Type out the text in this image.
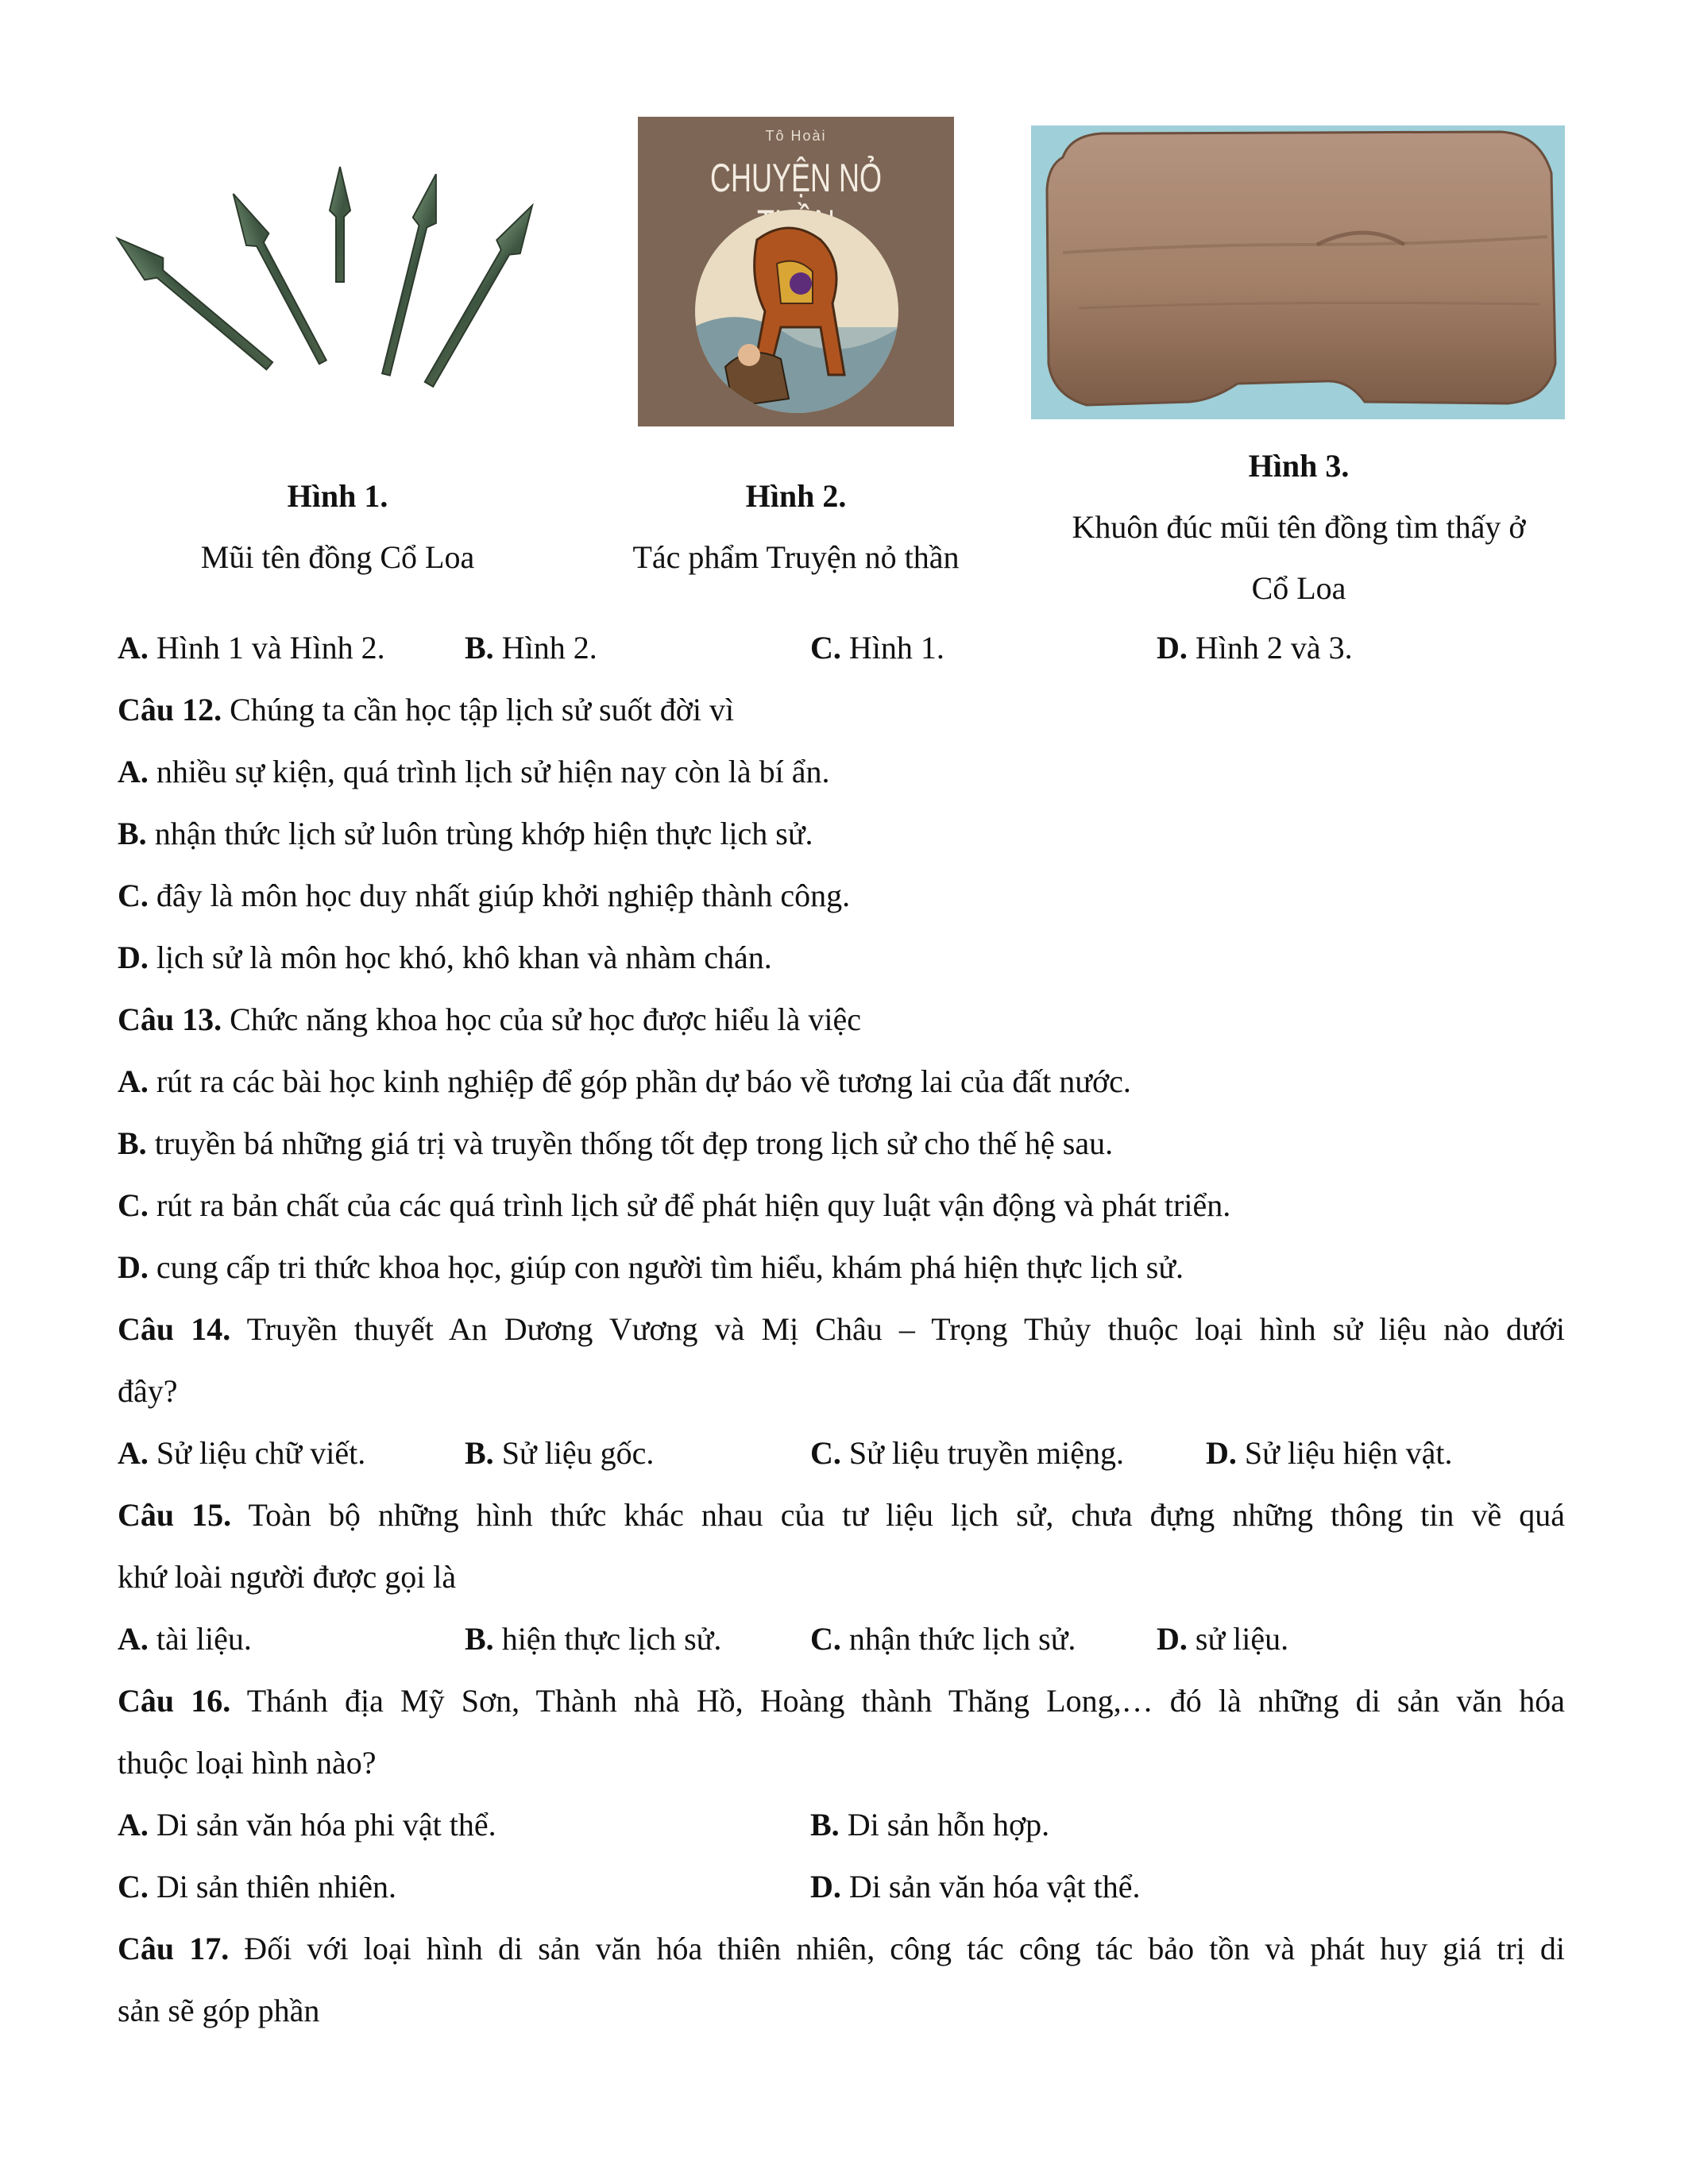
Tô Hoài
CHUYỆN NỎ
Hình 1.
Mũi tên đồng Cổ Loa
Hình 2.
Tác phẩm Truyện nỏ thần
Hình 3.
Khuôn đúc mũi tên đồng tìm thấy ở
Cổ Loa
A. Hình 1 và Hình 2.	B. Hình 2.	C. Hình 1.	D. Hình 2 và 3.
Câu 12. Chúng ta cần học tập lịch sử suốt đời vì
A. nhiều sự kiện, quá trình lịch sử hiện nay còn là bí ẩn.
B. nhận thức lịch sử luôn trùng khớp hiện thực lịch sử.
C. đây là môn học duy nhất giúp khởi nghiệp thành công.
D. lịch sử là môn học khó, khô khan và nhàm chán.
Câu 13. Chức năng khoa học của sử học được hiểu là việc
A. rút ra các bài học kinh nghiệp để góp phần dự báo về tương lai của đất nước.
B. truyền bá những giá trị và truyền thống tốt đẹp trong lịch sử cho thế hệ sau.
C. rút ra bản chất của các quá trình lịch sử để phát hiện quy luật vận động và phát triển.
D. cung cấp tri thức khoa học, giúp con người tìm hiểu, khám phá hiện thực lịch sử.
Câu 14. Truyền thuyết An Dương Vương và Mị Châu – Trọng Thủy thuộc loại hình sử liệu nào dưới
đây?
A. Sử liệu chữ viết.	B. Sử liệu gốc.	C. Sử liệu truyền miệng.	D. Sử liệu hiện vật.
Câu 15. Toàn bộ những hình thức khác nhau của tư liệu lịch sử, chưa đựng những thông tin về quá
khứ loài người được gọi là
A. tài liệu.	B. hiện thực lịch sử.	C. nhận thức lịch sử.	D. sử liệu.
Câu 16. Thánh địa Mỹ Sơn, Thành nhà Hồ, Hoàng thành Thăng Long,… đó là những di sản văn hóa
thuộc loại hình nào?
A. Di sản văn hóa phi vật thể.	B. Di sản hỗn hợp.
C. Di sản thiên nhiên.	D. Di sản văn hóa vật thể.
Câu 17. Đối với loại hình di sản văn hóa thiên nhiên, công tác công tác bảo tồn và phát huy giá trị di
sản sẽ góp phần
